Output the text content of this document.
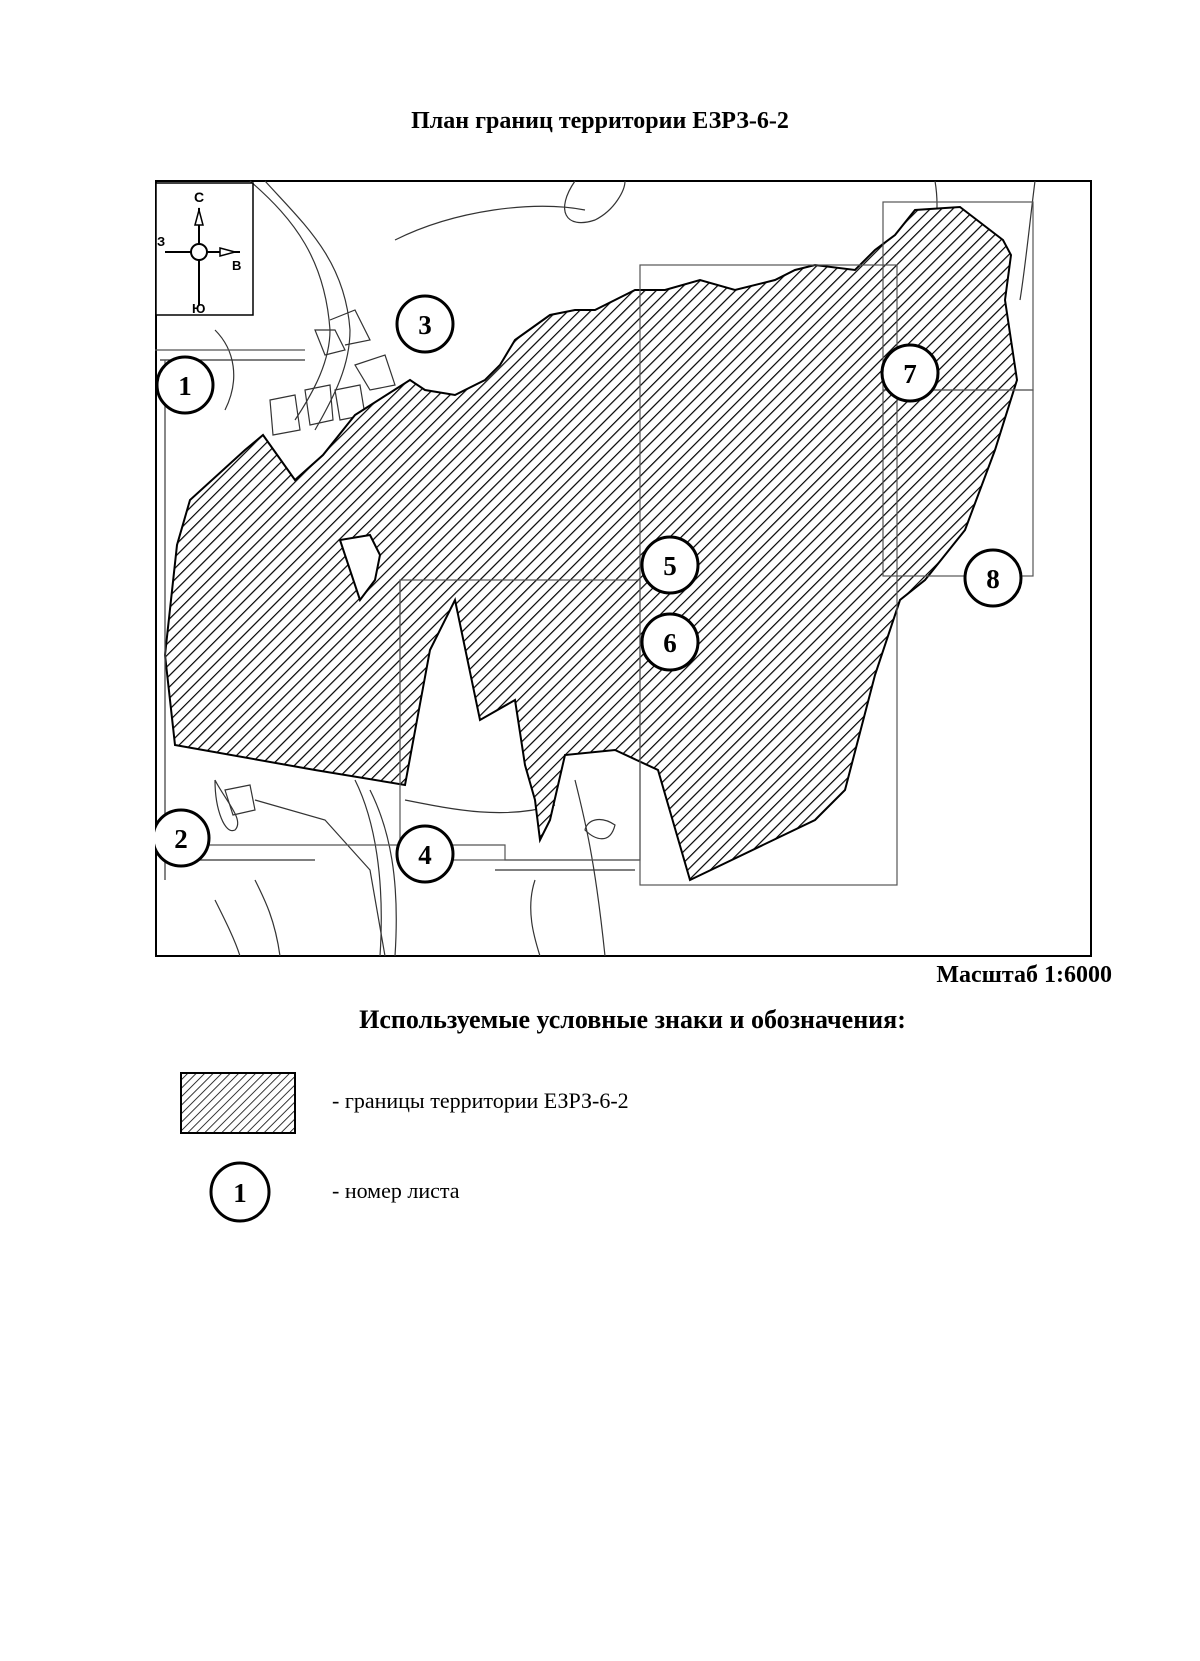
План границ территории ЕЗРЗ-6-2
С
З
В
Ю
1
2
3
4
5
6
7
8
Масштаб 1:6000
Используемые условные знаки и обозначения:
- границы территории ЕЗРЗ-6-2
1	- номер листа
